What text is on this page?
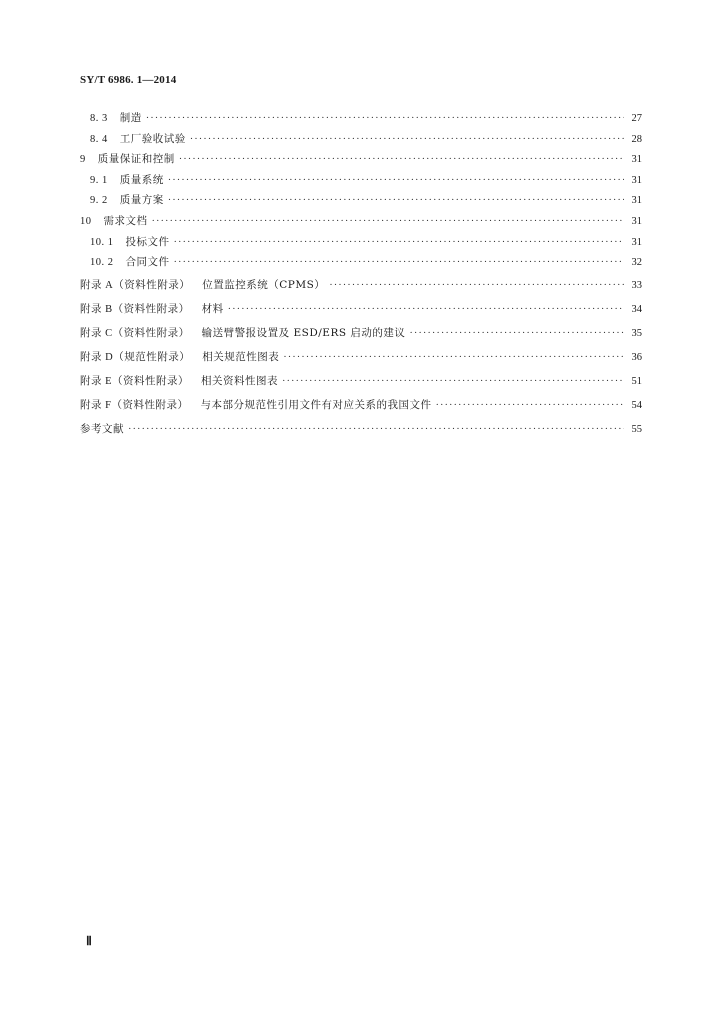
SY/T 6986. 1—2014
8. 3 制造 ·····	27
8. 4 工厂验收试验 ·····	28
9 质量保证和控制 ·····	31
9. 1 质量系统 ·····	31
9. 2 质量方案 ·····	31
10 需求文档 ·····	31
10. 1 投标文件 ·····	31
10. 2 合同文件 ·····	32
附录 A（资料性附录） 位置监控系统（CPMS） ·····	33
附录 B（资料性附录） 材料 ·····	34
附录 C（资料性附录） 输送臂警报设置及 ESD/ERS 启动的建议 ·····	35
附录 D（规范性附录） 相关规范性图表 ·····	36
附录 E（资料性附录） 相关资料性图表 ·····	51
附录 F（资料性附录） 与本部分规范性引用文件有对应关系的我国文件 ·····	54
参考文献 ·····	55
Ⅱ
